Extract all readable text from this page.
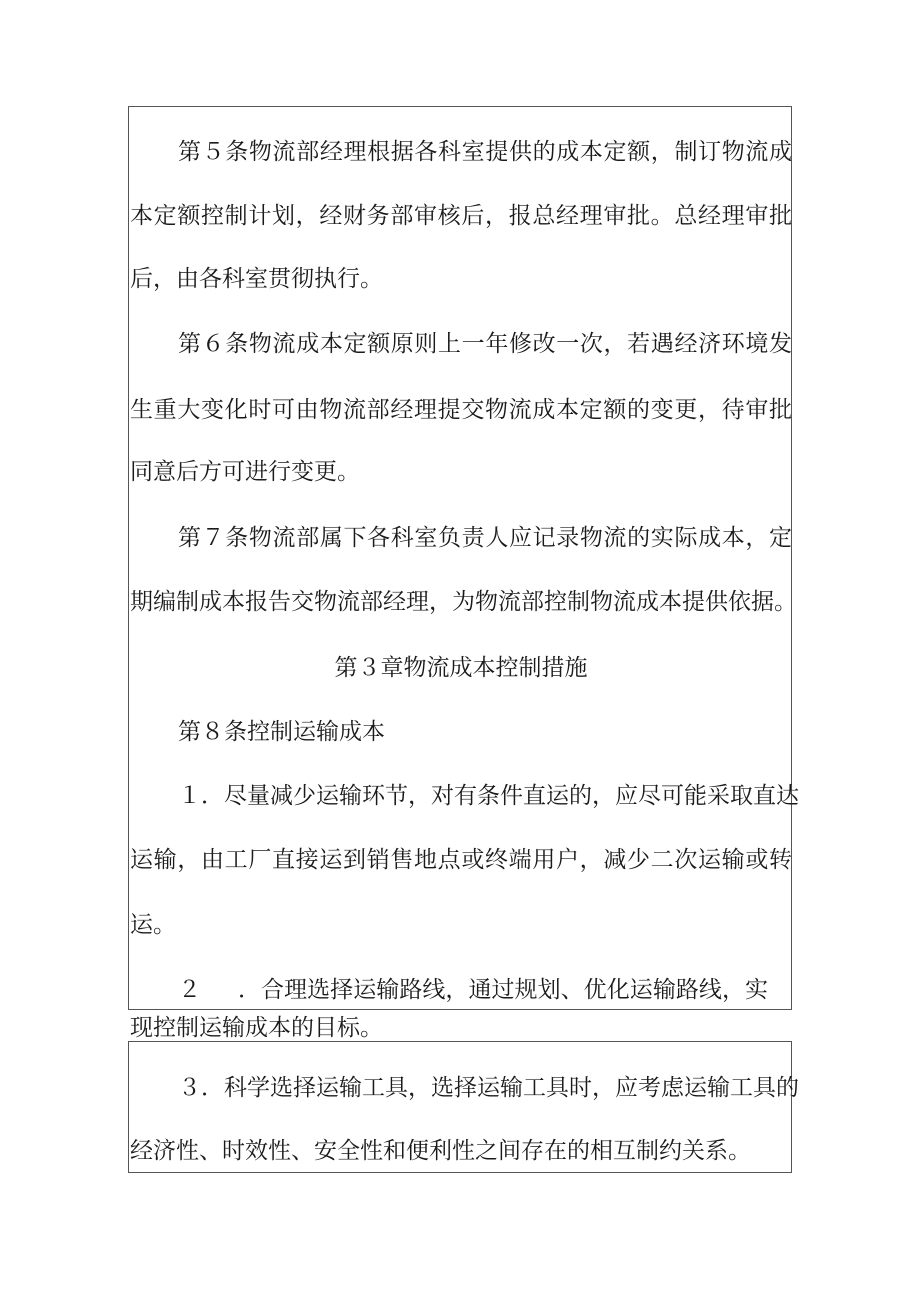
第５条物流部经理根据各科室提供的成本定额，制订物流成
本定额控制计划，经财务部审核后，报总经理审批。总经理审批
后，由各科室贯彻执行。
第６条物流成本定额原则上一年修改一次，若遇经济环境发
生重大变化时可由物流部经理提交物流成本定额的变更，待审批
同意后方可进行变更。
第７条物流部属下各科室负责人应记录物流的实际成本，定
期编制成本报告交物流部经理，为物流部控制物流成本提供依据。
第３章物流成本控制措施
第８条控制运输成本
１．尽量减少运输环节，对有条件直运的，应尽可能采取直达
运输，由工厂直接运到销售地点或终端用户，减少二次运输或转
运。
２ ．合理选择运输路线，通过规划、优化运输路线，实
现控制运输成本的目标。
３．科学选择运输工具，选择运输工具时，应考虑运输工具的
经济性、时效性、安全性和便利性之间存在的相互制约关系。
